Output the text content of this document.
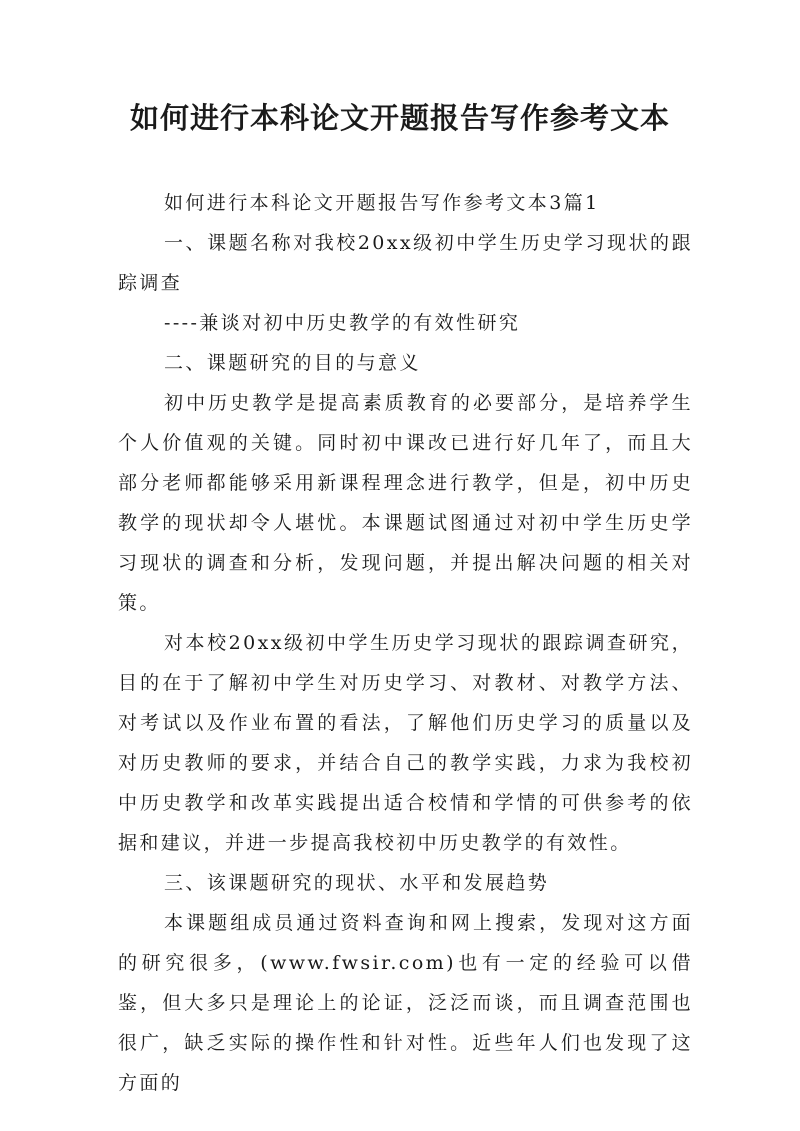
如何进行本科论文开题报告写作参考文本

如何进行本科论文开题报告写作参考文本3篇1

一、课题名称对我校20xx级初中学生历史学习现状的跟踪调查

----兼谈对初中历史教学的有效性研究

二、课题研究的目的与意义

初中历史教学是提高素质教育的必要部分，是培养学生个人价值观的关键。同时初中课改已进行好几年了，而且大部分老师都能够采用新课程理念进行教学，但是，初中历史教学的现状却令人堪忧。本课题试图通过对初中学生历史学习现状的调查和分析，发现问题，并提出解决问题的相关对策。

对本校20xx级初中学生历史学习现状的跟踪调查研究，目的在于了解初中学生对历史学习、对教材、对教学方法、对考试以及作业布置的看法，了解他们历史学习的质量以及对历史教师的要求，并结合自己的教学实践，力求为我校初中历史教学和改革实践提出适合校情和学情的可供参考的依据和建议，并进一步提高我校初中历史教学的有效性。

三、该课题研究的现状、水平和发展趋势

本课题组成员通过资料查询和网上搜索，发现对这方面的研究很多，(www.fwsir.com)也有一定的经验可以借鉴，但大多只是理论上的论证，泛泛而谈，而且调查范围也很广，缺乏实际的操作性和针对性。近些年人们也发现了这方面的
